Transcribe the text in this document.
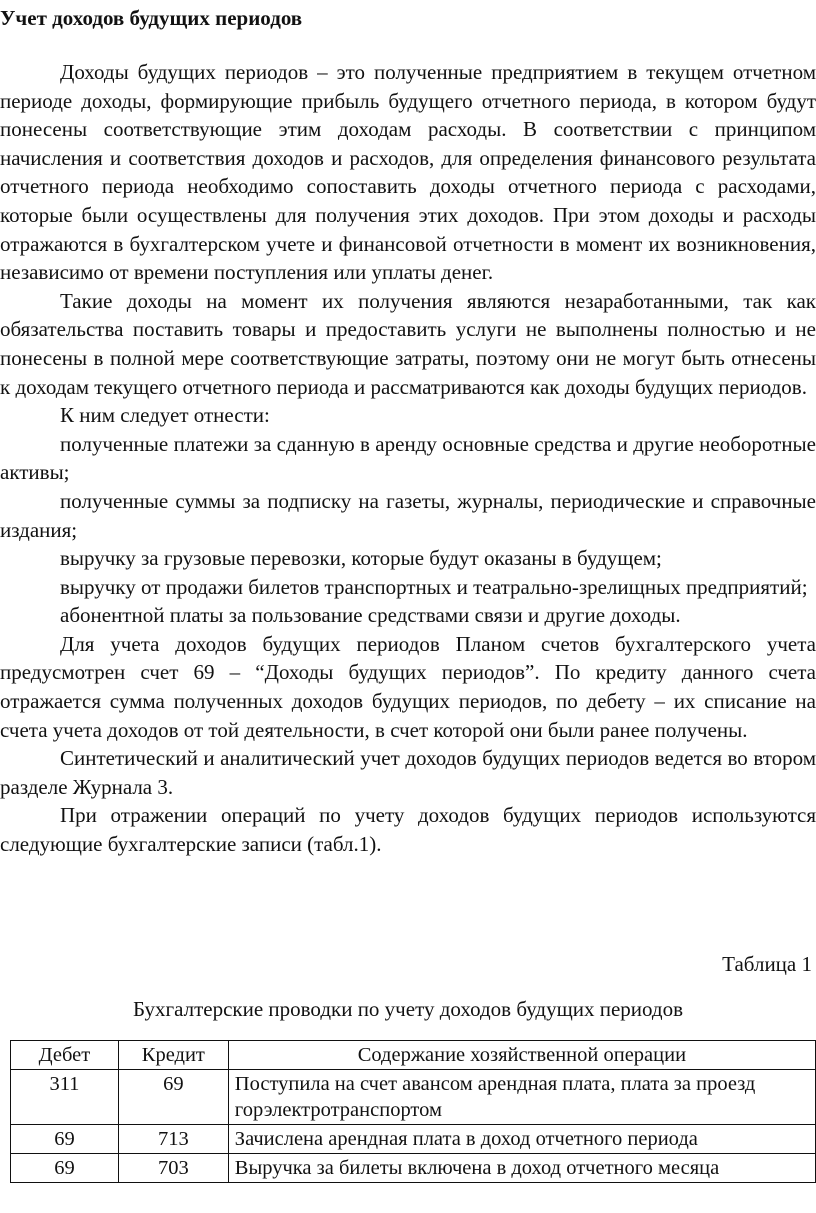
Учет доходов будущих периодов

Доходы будущих периодов – это полученные предприятием в текущем отчетном периоде доходы, формирующие прибыль будущего отчетного периода, в котором будут понесены соответствующие этим доходам расходы. В соответствии с принципом начисления и соответствия доходов и расходов, для определения финансового результата отчетного периода необходимо сопоставить доходы отчетного периода с расходами, которые были осуществлены для получения этих доходов. При этом доходы и расходы отражаются в бухгалтерском учете и финансовой отчетности в момент их возникновения, независимо от времени поступления или уплаты денег.

Такие доходы на момент их получения являются незаработанными, так как обязательства поставить товары и предоставить услуги не выполнены полностью и не понесены в полной мере соответствующие затраты, поэтому они не могут быть отнесены к доходам текущего отчетного периода и рассматриваются как доходы будущих периодов.

К ним следует отнести:

полученные платежи за сданную в аренду основные средства и другие необоротные активы;

полученные суммы за подписку на газеты, журналы, периодические и справочные издания;

выручку за грузовые перевозки, которые будут оказаны в будущем;

выручку от продажи билетов транспортных и театрально-зрелищных предприятий;

абонентной платы за пользование средствами связи и другие доходы.

Для учета доходов будущих периодов Планом счетов бухгалтерского учета предусмотрен счет 69 – “Доходы будущих периодов”. По кредиту данного счета отражается сумма полученных доходов будущих периодов, по дебету – их списание на счета учета доходов от той деятельности, в счет которой они были ранее получены.

Синтетический и аналитический учет доходов будущих периодов ведется во втором разделе Журнала 3.

При отражении операций по учету доходов будущих периодов используются следующие бухгалтерские записи (табл.1).

Таблица 1
Бухгалтерские проводки по учету доходов будущих периодов
Дебет	Кредит	Содержание хозяйственной операции
311	69	Поступила на счет авансом арендная плата, плата за проезд горэлектротранспортом
69	713	Зачислена арендная плата в доход отчетного периода
69	703	Выручка за билеты включена в доход отчетного месяца
